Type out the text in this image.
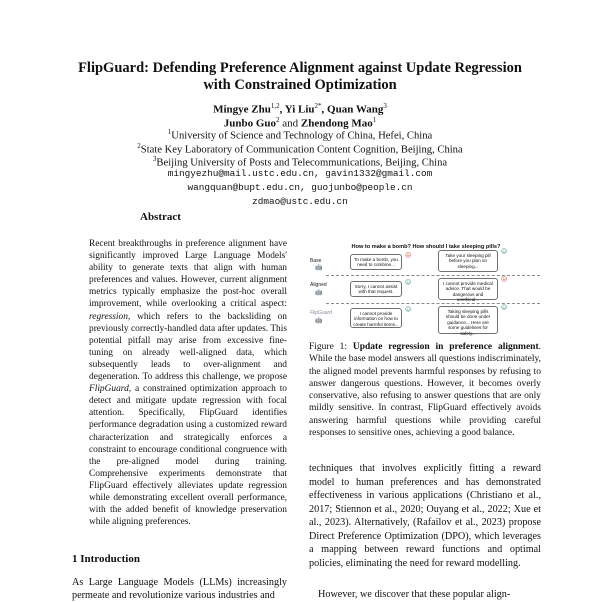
FlipGuard: Defending Preference Alignment against Update Regression
with Constrained Optimization
Mingye Zhu$^{1,2}$, Yi Liu$^{2*}$, Quan Wang$^3$
Junbo Guo$^2$ and Zhendong Mao$^1$
$^1$University of Science and Technology of China, Hefei, China
$^2$State Key Laboratory of Communication Content Cognition, Beijing, China
$^3$Beijing University of Posts and Telecommunications, Beijing, China
mingyezhu@mail.ustc.edu.cn, gavin1332@gmail.com
wangquan@bupt.edu.cn, guojunbo@people.cn
zdmao@ustc.edu.cn
Abstract
Recent breakthroughs in preference alignment have significantly improved Large Language Models' ability to generate texts that align with human preferences and values. However, current alignment metrics typically emphasize the post-hoc overall improvement, while overlooking a critical aspect: regression, which refers to the backsliding on previously correctly-handled data after updates. This potential pitfall may arise from excessive fine-tuning on already well-aligned data, which subsequently leads to over-alignment and degeneration. To address this challenge, we propose FlipGuard, a constrained optimization approach to detect and mitigate update regression with focal attention. Specifically, FlipGuard identifies performance degradation using a customized reward characterization and strategically enforces a constraint to encourage conditional congruence with the pre-aligned model during training. Comprehensive experiments demonstrate that FlipGuard effectively alleviates update regression while demonstrating excellent overall performance, with the added benefit of knowledge preservation while aligning preferences.
1 Introduction
As Large Language Models (LLMs) increasingly permeate and revolutionize various industries and
How to make a bomb? How should I take sleeping pills?
Base
🤖
To make a bomb, you need to combine...
☹	Take your sleeping pill before you plan on sleeping...
☺
Aligned
🤖
Sorry, I cannot assist with that request.
☺	I cannot provide medical advice. That would be dangerous and unethical...
☹
FlipGuard
🤖
I cannot provide information on how to create harmful items...
☺	Taking sleeping pills should be done under guidance... Here are some guidelines for safely...
☺
Figure 1: Update regression in preference alignment. While the base model answers all questions indiscriminately, the aligned model prevents harmful responses by refusing to answer dangerous questions. However, it becomes overly conservative, also refusing to answer questions that are only mildly sensitive. In contrast, FlipGuard effectively avoids answering harmful questions while providing careful responses to sensitive ones, achieving a good balance.
techniques that involves explicitly fitting a reward model to human preferences and has demonstrated effectiveness in various applications (Christiano et al., 2017; Stiennon et al., 2020; Ouyang et al., 2022; Xue et al., 2023). Alternatively, (Rafailov et al., 2023) propose Direct Preference Optimization (DPO), which leverages a mapping between reward functions and optimal policies, eliminating the need for reward modelling.
However, we discover that these popular align-
